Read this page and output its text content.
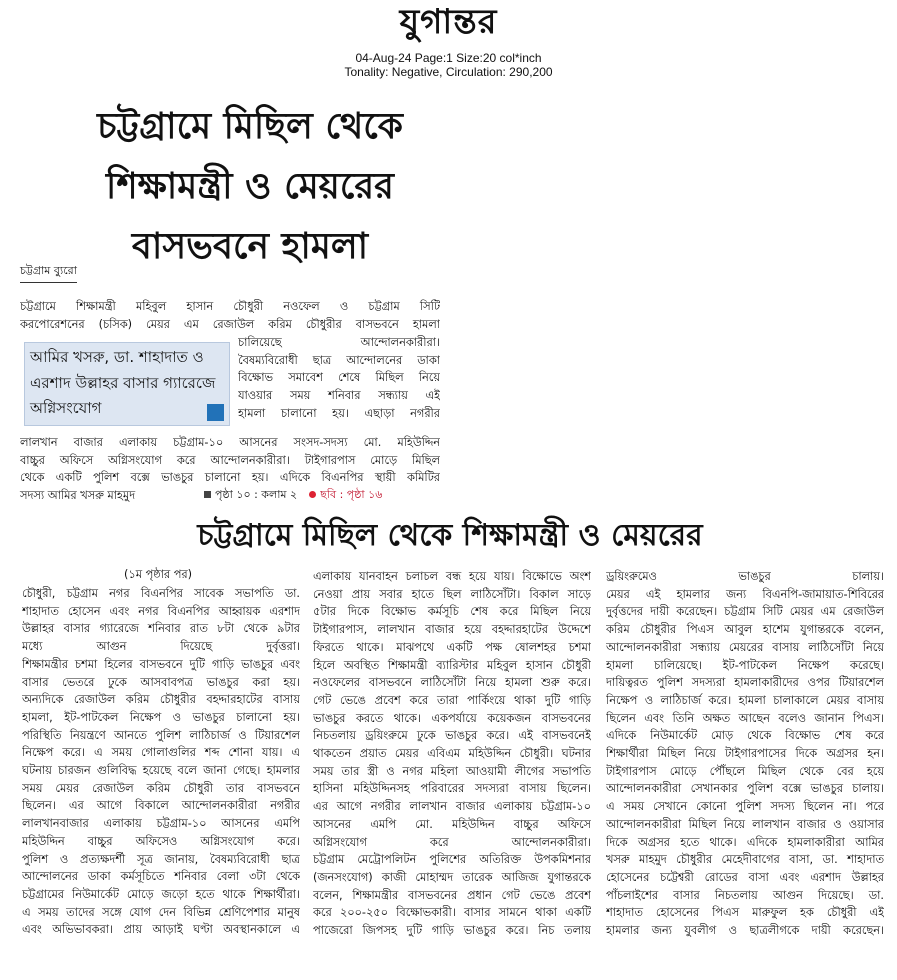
যুগান্তর
04-Aug-24 Page:1 Size:20 col*inch
Tonality: Negative, Circulation: 290,200
চট্টগ্রামে মিছিল থেকে
শিক্ষামন্ত্রী ও মেয়রের
বাসভবনে হামলা
চট্টগ্রাম ব্যুরো
চট্টগ্রামে শিক্ষামন্ত্রী মহিবুল হাসান চৌধুরী নওফেল ও চট্টগ্রাম সিটি
করপোরেশনের (চসিক) মেয়র এম রেজাউল করিম চৌধুরীর বাসভবনে হামলা
আমির খসরু, ডা. শাহাদাত ও এরশাদ উল্লাহর বাসার গ্যারেজে অগ্নিসংযোগ
চালিয়েছে আন্দোলনকারীরা।
বৈষম্যবিরোধী ছাত্র আন্দোলনের ডাকা
বিক্ষোভ সমাবেশ শেষে মিছিল নিয়ে
যাওয়ার সময় শনিবার সন্ধ্যায় এই
হামলা চালানো হয়। এছাড়া নগরীর
লালখান বাজার এলাকায় চট্টগ্রাম-১০ আসনের সংসদ-সদস্য মো. মহিউদ্দিন
বাচ্চুর অফিসে অগ্নিসংযোগ করে আন্দোলনকারীরা। টাইগারপাস মোড়ে মিছিল
থেকে একটি পুলিশ বক্সে ভাঙচুর চালানো হয়। এদিকে বিএনপির স্থায়ী কমিটির
সদস্য আমির খসরু মাহমুদ	পৃষ্ঠা ১০ : কলাম ২ ছবি : পৃষ্ঠা ১৬
চট্টগ্রামে মিছিল থেকে শিক্ষামন্ত্রী ও মেয়রের
(১ম পৃষ্ঠার পর)
চৌধুরী, চট্টগ্রাম নগর বিএনপির সাবেক সভাপতি ডা.
শাহাদাত হোসেন এবং নগর বিএনপির আহ্বায়ক এরশাদ
উল্লাহর বাসার গ্যারেজে শনিবার রাত ৮টা থেকে ৯টার
মধ্যে আগুন দিয়েছে দুর্বৃত্তরা।
শিক্ষামন্ত্রীর চশমা হিলের বাসভবনে দুটি গাড়ি ভাঙচুর এবং
বাসার ভেতরে ঢুকে আসবাবপত্র ভাঙচুর করা হয়।
অন্যদিকে রেজাউল করিম চৌধুরীর বহদ্দারহাটের বাসায়
হামলা, ইট-পাটকেল নিক্ষেপ ও ভাঙচুর চালানো হয়।
পরিস্থিতি নিয়ন্ত্রণে আনতে পুলিশ লাঠিচার্জ ও টিয়ারশেল
নিক্ষেপ করে। এ সময় গোলাগুলির শব্দ শোনা যায়। এ
ঘটনায় চারজন গুলিবিদ্ধ হয়েছে বলে জানা গেছে। হামলার
সময় মেয়র রেজাউল করিম চৌধুরী তার বাসভবনে
ছিলেন। এর আগে বিকালে আন্দোলনকারীরা নগরীর
লালখানবাজার এলাকায় চট্টগ্রাম-১০ আসনের এমপি
মহিউদ্দিন বাচ্চুর অফিসেও অগ্নিসংযোগ করে।
পুলিশ ও প্রত্যক্ষদর্শী সূত্র জানায়, বৈষম্যবিরোধী ছাত্র
আন্দোলনের ডাকা কর্মসূচিতে শনিবার বেলা ৩টা থেকে
চট্টগ্রামের নিউমার্কেট মোড়ে জড়ো হতে থাকে শিক্ষার্থীরা।
এ সময় তাদের সঙ্গে যোগ দেন বিভিন্ন শ্রেণিপেশার মানুষ
এবং অভিভাবকরা। প্রায় আড়াই ঘণ্টা অবস্থানকালে এ
এলাকায় যানবাহন চলাচল বন্ধ হয়ে যায়। বিক্ষোভে অংশ
নেওয়া প্রায় সবার হাতে ছিল লাঠিসোঁটা। বিকাল সাড়ে
৫টার দিকে বিক্ষোভ কর্মসূচি শেষ করে মিছিল নিয়ে
টাইগারপাস, লালখান বাজার হয়ে বহদ্দারহাটের উদ্দেশে
ফিরতে থাকে। মাঝপথে একটি পক্ষ ষোলশহর চশমা
হিলে অবস্থিত শিক্ষামন্ত্রী ব্যারিস্টার মহিবুল হাসান চৌধুরী
নওফেলের বাসভবনে লাঠিসোঁটা নিয়ে হামলা শুরু করে।
গেট ভেঙে প্রবেশ করে তারা পার্কিংয়ে থাকা দুটি গাড়ি
ভাঙচুর করতে থাকে। একপর্যায়ে কয়েকজন বাসভবনের
নিচতলায় ড্রয়িংরুমে ঢুকে ভাঙচুর করে। এই বাসভবনেই
থাকতেন প্রয়াত মেয়র এবিএম মহিউদ্দিন চৌধুরী। ঘটনার
সময় তার স্ত্রী ও নগর মহিলা আওয়ামী লীগের সভাপতি
হাসিনা মহিউদ্দিনসহ পরিবারের সদস্যরা বাসায় ছিলেন।
এর আগে নগরীর লালখান বাজার এলাকায় চট্টগ্রাম-১০
আসনের এমপি মো. মহিউদ্দিন বাচ্চুর অফিসে
অগ্নিসংযোগ করে আন্দোলনকারীরা।
চট্টগ্রাম মেট্রোপলিটন পুলিশের অতিরিক্ত উপকমিশনার
(জনসংযোগ) কাজী মোহাম্মদ তারেক আজিজ যুগান্তরকে
বলেন, শিক্ষামন্ত্রীর বাসভবনের প্রধান গেট ভেঙে প্রবেশ
করে ২০০-২৫০ বিক্ষোভকারী। বাসার সামনে থাকা একটি
পাজেরো জিপসহ দুটি গাড়ি ভাঙচুর করে। নিচ তলায়
ড্রয়িংরুমেও ভাঙচুর চালায়।
মেয়র এই হামলার জন্য বিএনপি-জামায়াত-শিবিরের
দুর্বৃত্তদের দায়ী করেছেন। চট্টগ্রাম সিটি মেয়র এম রেজাউল
করিম চৌধুরীর পিএস আবুল হাশেম যুগান্তরকে বলেন,
আন্দোলনকারীরা সন্ধ্যায় মেয়রের বাসায় লাঠিসোঁটা নিয়ে
হামলা চালিয়েছে। ইট-পাটকেল নিক্ষেপ করেছে।
দায়িত্বরত পুলিশ সদস্যরা হামলাকারীদের ওপর টিয়ারশেল
নিক্ষেপ ও লাঠিচার্জ করে। হামলা চালাকালে মেয়র বাসায়
ছিলেন এবং তিনি অক্ষত আছেন বলেও জানান পিএস।
এদিকে নিউমার্কেট মোড় থেকে বিক্ষোভ শেষ করে
শিক্ষার্থীরা মিছিল নিয়ে টাইগারপাসের দিকে অগ্রসর হন।
টাইগারপাস মোড়ে পৌঁছলে মিছিল থেকে বের হয়ে
আন্দোলনকারীরা সেখানকার পুলিশ বক্সে ভাঙচুর চালায়।
এ সময় সেখানে কোনো পুলিশ সদস্য ছিলেন না। পরে
আন্দোলনকারীরা মিছিল নিয়ে লালখান বাজার ও ওয়াসার
দিকে অগ্রসর হতে থাকে। এদিকে হামলাকারীরা আমির
খসরু মাহমুদ চৌধুরীর মেহেদীবাগের বাসা, ডা. শাহাদাত
হোসেনের চট্টেশ্বরী রোডের বাসা এবং এরশাদ উল্লাহর
পাঁচলাইশের বাসার নিচতলায় আগুন দিয়েছে। ডা.
শাহাদাত হোসেনের পিএস মারুফুল হক চৌধুরী এই
হামলার জন্য যুবলীগ ও ছাত্রলীগকে দায়ী করেছেন।
